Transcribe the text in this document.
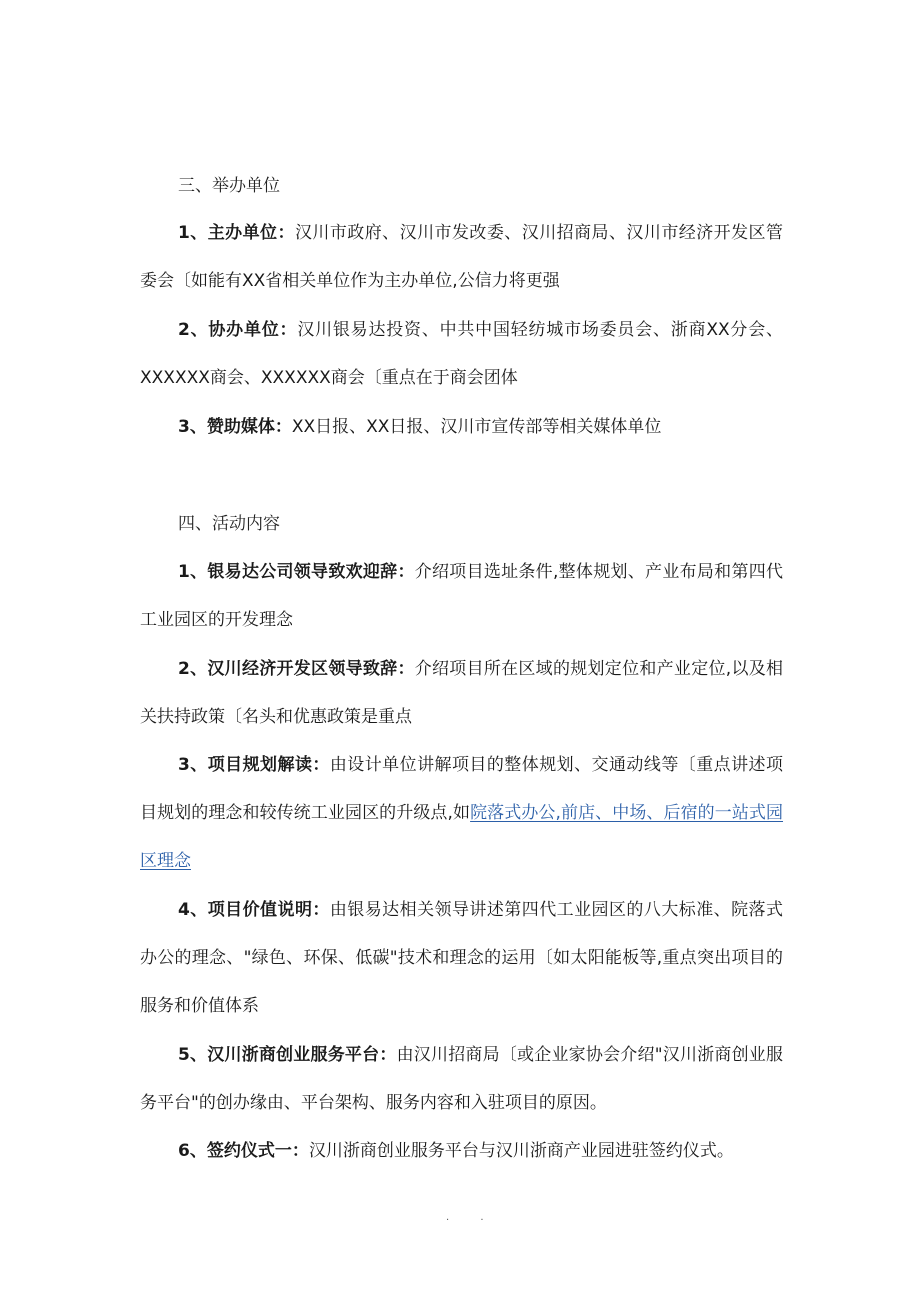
三、举办单位

1、主办单位：汉川市政府、汉川市发改委、汉川招商局、汉川市经济开发区管委会〔如能有XX省相关单位作为主办单位,公信力将更强

2、协办单位：汉川银易达投资、中共中国轻纺城市场委员会、浙商XX分会、XXXXXX商会、XXXXXX商会〔重点在于商会团体

3、赞助媒体：XX日报、XX日报、汉川市宣传部等相关媒体单位

四、活动内容

1、银易达公司领导致欢迎辞：介绍项目选址条件,整体规划、产业布局和第四代工业园区的开发理念

2、汉川经济开发区领导致辞：介绍项目所在区域的规划定位和产业定位,以及相关扶持政策〔名头和优惠政策是重点

3、项目规划解读：由设计单位讲解项目的整体规划、交通动线等〔重点讲述项目规划的理念和较传统工业园区的升级点,如院落式办公,前店、中场、后宿的一站式园区理念

4、项目价值说明：由银易达相关领导讲述第四代工业园区的八大标准、院落式办公的理念、"绿色、环保、低碳"技术和理念的运用〔如太阳能板等,重点突出项目的服务和价值体系

5、汉川浙商创业服务平台：由汉川招商局〔或企业家协会介绍"汉川浙商创业服务平台"的创办缘由、平台架构、服务内容和入驻项目的原因。

6、签约仪式一：汉川浙商创业服务平台与汉川浙商产业园进驻签约仪式。

. .
